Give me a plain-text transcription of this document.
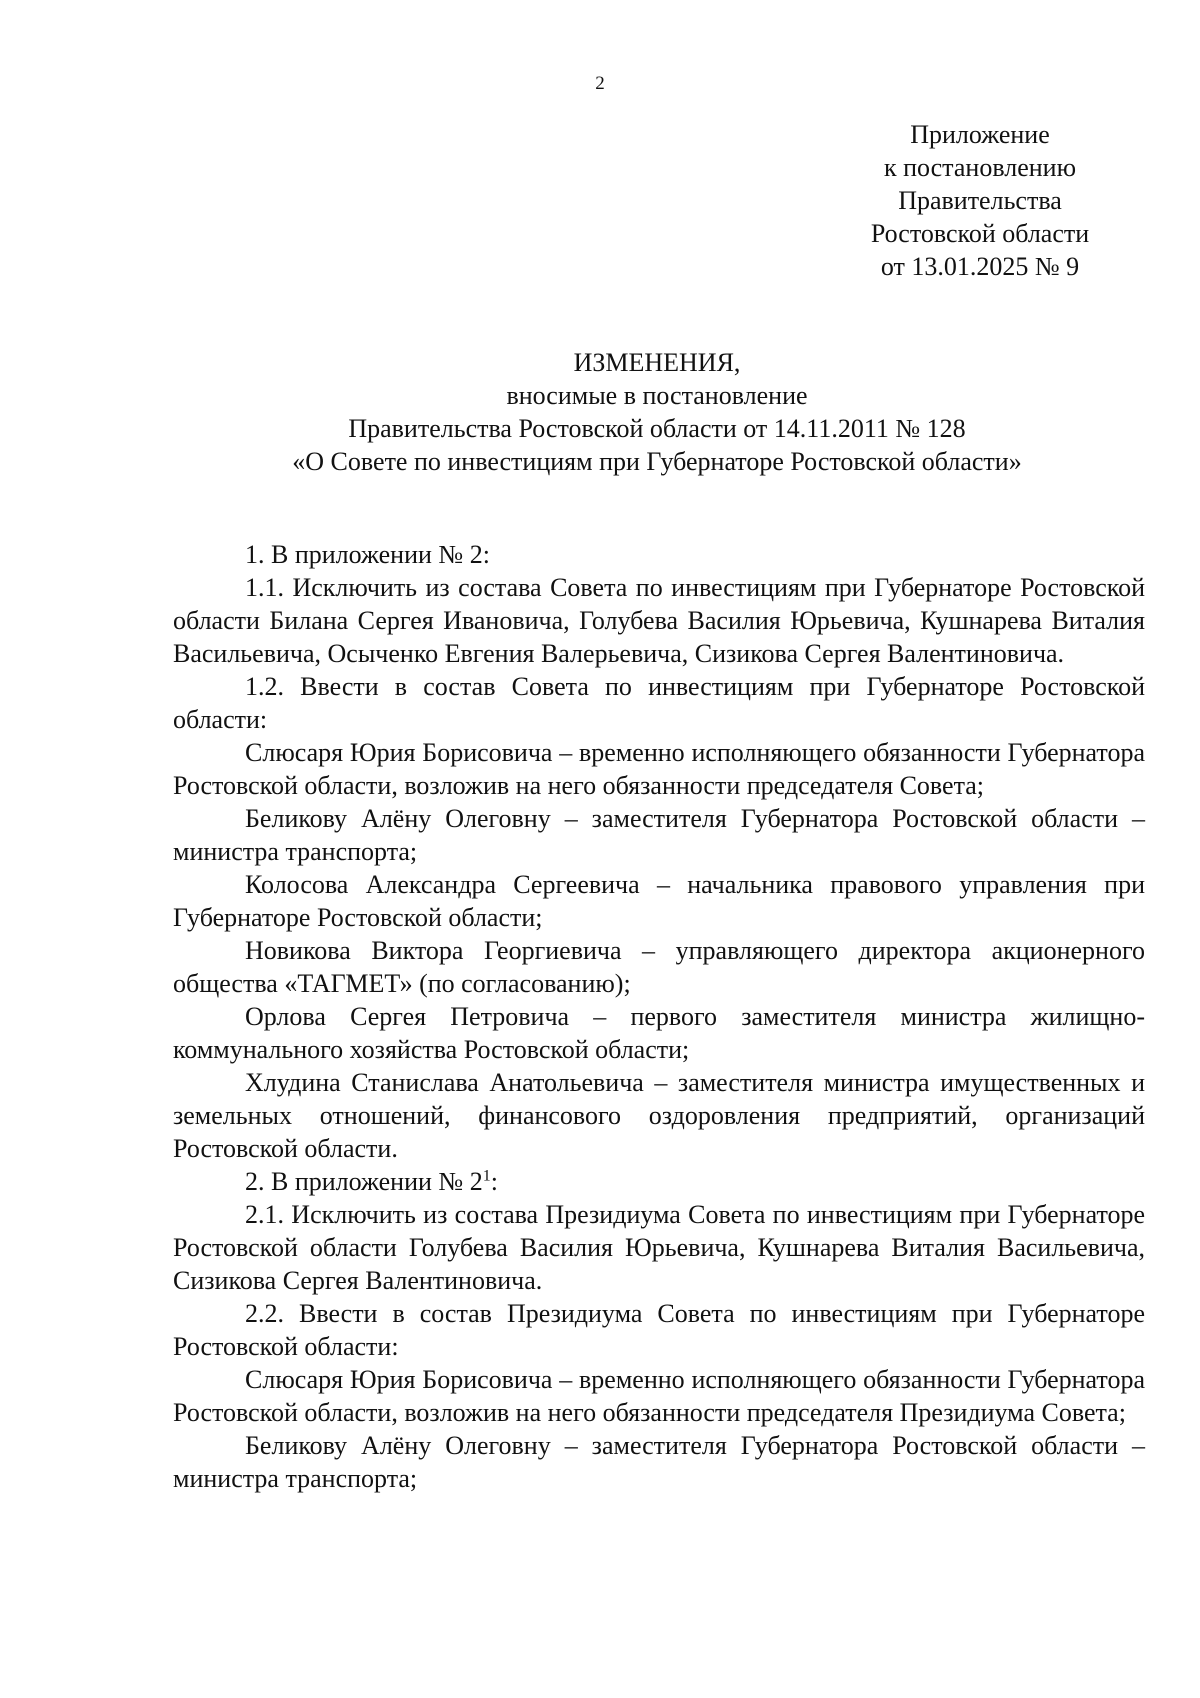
2
Приложение
к постановлению
Правительства
Ростовской области
от 13.01.2025 № 9
ИЗМЕНЕНИЯ,
вносимые в постановление
Правительства Ростовской области от 14.11.2011 № 128
«О Совете по инвестициям при Губернаторе Ростовской области»

1. В приложении № 2:

1.1. Исключить из состава Совета по инвестициям при Губернаторе Ростовской области Билана Сергея Ивановича, Голубева Василия Юрьевича, Кушнарева Виталия Васильевича, Осыченко Евгения Валерьевича, Сизикова Сергея Валентиновича.

1.2. Ввести в состав Совета по инвестициям при Губернаторе Ростовской области:

Слюсаря Юрия Борисовича – временно исполняющего обязанности Губернатора Ростовской области, возложив на него обязанности председателя Совета;

Беликову Алёну Олеговну – заместителя Губернатора Ростовской области – министра транспорта;

Колосова Александра Сергеевича – начальника правового управления при Губернаторе Ростовской области;

Новикова Виктора Георгиевича – управляющего директора акционерного общества «ТАГМЕТ» (по согласованию);

Орлова Сергея Петровича – первого заместителя министра жилищно-коммунального хозяйства Ростовской области;

Хлудина Станислава Анатольевича – заместителя министра имущественных и земельных отношений, финансового оздоровления предприятий, организаций Ростовской области.

2. В приложении № $2^1$:

2.1. Исключить из состава Президиума Совета по инвестициям при Губернаторе Ростовской области Голубева Василия Юрьевича, Кушнарева Виталия Васильевича, Сизикова Сергея Валентиновича.

2.2. Ввести в состав Президиума Совета по инвестициям при Губернаторе Ростовской области:

Слюсаря Юрия Борисовича – временно исполняющего обязанности Губернатора Ростовской области, возложив на него обязанности председателя Президиума Совета;

Беликову Алёну Олеговну – заместителя Губернатора Ростовской области – министра транспорта;
